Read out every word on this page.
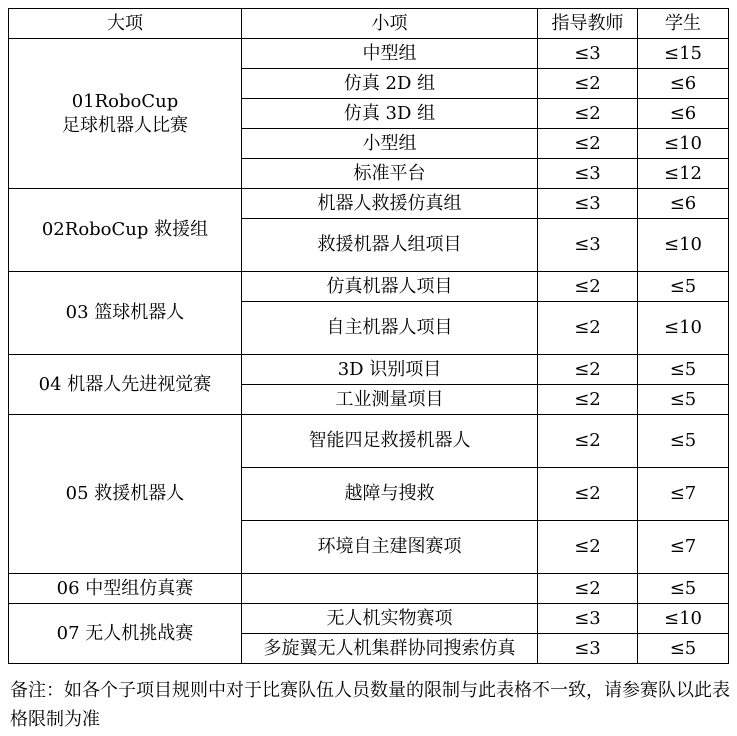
大项	小项	指导教师	学生

01RoboCup
足球机器人比赛	中型组	≤3	≤15
	仿真 2D 组	≤2	≤6
	仿真 3D 组	≤2	≤6
	小型组	≤2	≤10
	标准平台	≤3	≤12
02RoboCup 救援组	机器人救援仿真组	≤3	≤6
	救援机器人组项目	≤3	≤10
03 篮球机器人	仿真机器人项目	≤2	≤5
	自主机器人项目	≤2	≤10
04 机器人先进视觉赛	3D 识别项目	≤2	≤5
	工业测量项目	≤2	≤5
05 救援机器人	智能四足救援机器人	≤2	≤5
	越障与搜救	≤2	≤7
	环境自主建图赛项	≤2	≤7
06 中型组仿真赛		≤2	≤5
07 无人机挑战赛	无人机实物赛项	≤3	≤10
	多旋翼无人机集群协同搜索仿真	≤3	≤5
备注：如各个子项目规则中对于比赛队伍人员数量的限制与此表格不一致，请参赛队以此表格限制为准
